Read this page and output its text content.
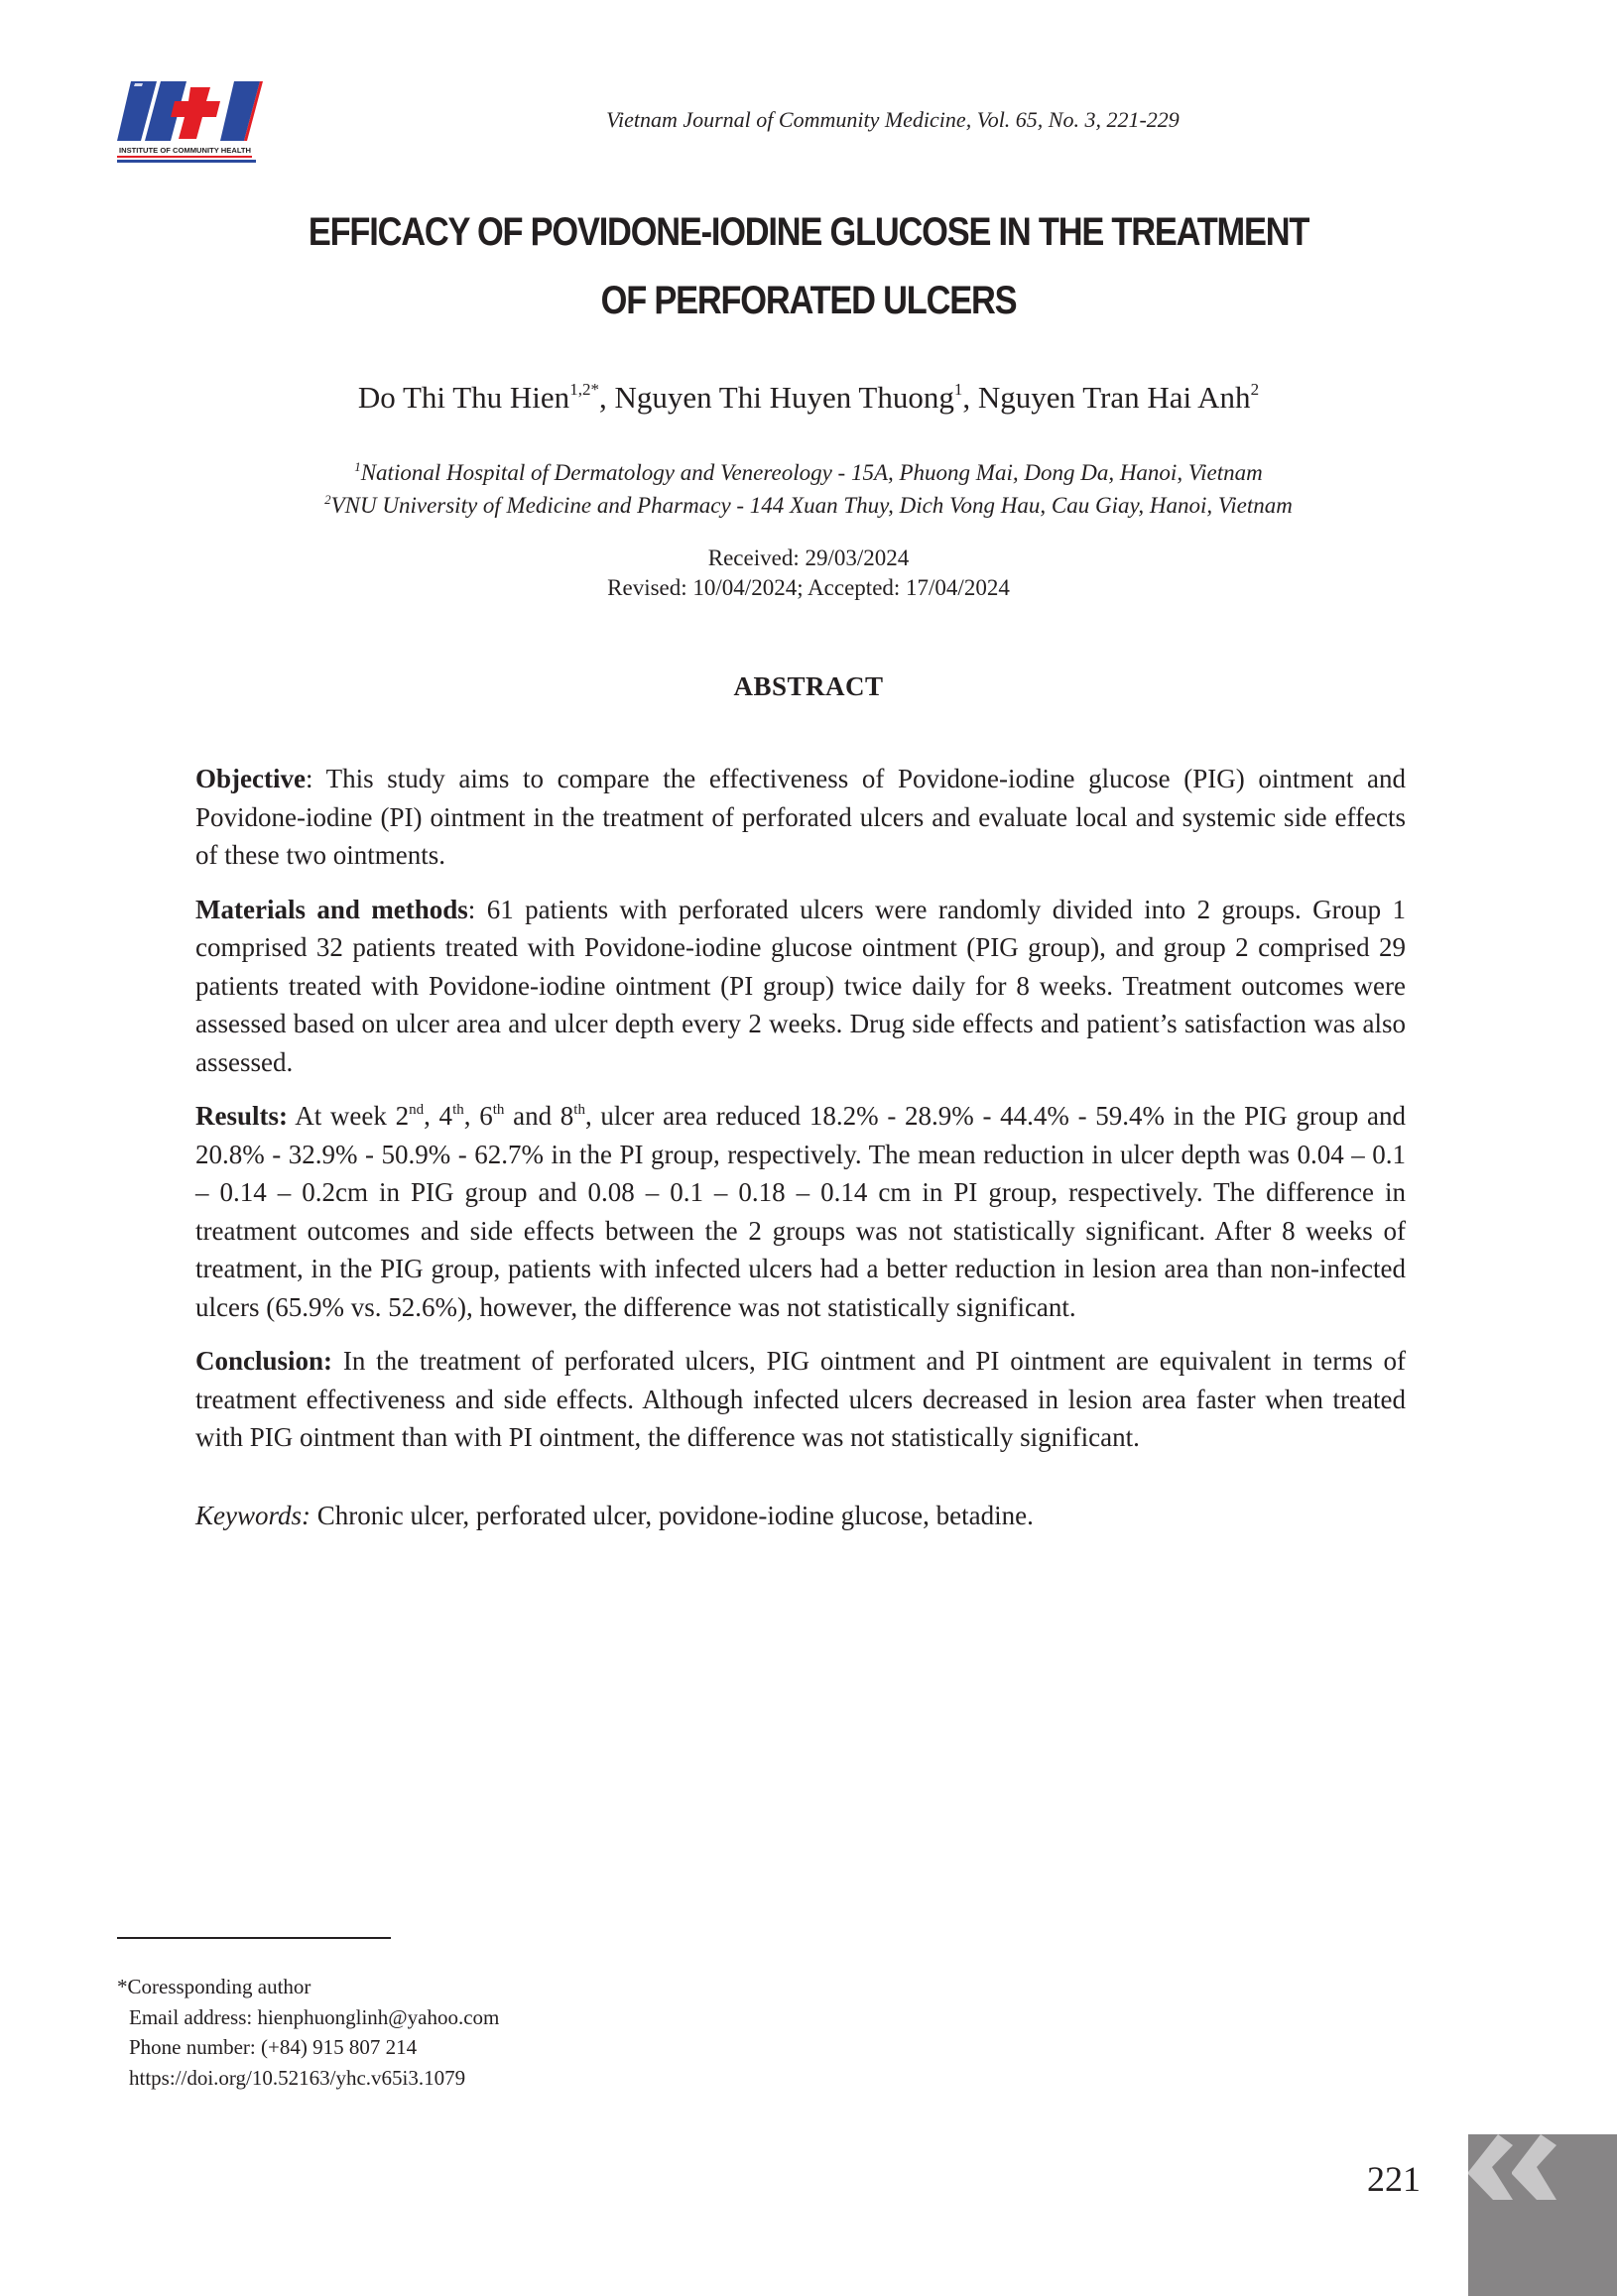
INSTITUTE OF COMMUNITY HEALTH
Vietnam Journal of Community Medicine, Vol. 65, No. 3, 221-229
EFFICACY OF POVIDONE-IODINE GLUCOSE IN THE TREATMENT
OF PERFORATED ULCERS
Do Thi Thu Hien$^{1,2*}$, Nguyen Thi Huyen Thuong$^1$, Nguyen Tran Hai Anh$^2$
$^1$National Hospital of Dermatology and Venereology - 15A, Phuong Mai, Dong Da, Hanoi, Vietnam
$^2$VNU University of Medicine and Pharmacy - 144 Xuan Thuy, Dich Vong Hau, Cau Giay, Hanoi, Vietnam
Received: 29/03/2024
Revised: 10/04/2024; Accepted: 17/04/2024
ABSTRACT

Objective: This study aims to compare the effectiveness of Povidone-iodine glucose (PIG) ointment and Povidone-iodine (PI) ointment in the treatment of perforated ulcers and evaluate local and systemic side effects of these two ointments.

Materials and methods: 61 patients with perforated ulcers were randomly divided into 2 groups. Group 1 comprised 32 patients treated with Povidone-iodine glucose ointment (PIG group), and group 2 comprised 29 patients treated with Povidone-iodine ointment (PI group) twice daily for 8 weeks. Treatment outcomes were assessed based on ulcer area and ulcer depth every 2 weeks. Drug side effects and patient’s satisfaction was also assessed.

Results: At week 2nd, 4th, 6th and 8th, ulcer area reduced 18.2% - 28.9% - 44.4% - 59.4% in the PIG group and 20.8% - 32.9% - 50.9% - 62.7% in the PI group, respectively. The mean reduction in ulcer depth was 0.04 – 0.1 – 0.14 – 0.2cm in PIG group and 0.08 – 0.1 – 0.18 – 0.14 cm in PI group, respectively. The difference in treatment outcomes and side effects between the 2 groups was not statistically significant. After 8 weeks of treatment, in the PIG group, patients with infected ulcers had a better reduction in lesion area than non-infected ulcers (65.9% vs. 52.6%), however, the difference was not statistically significant.

Conclusion: In the treatment of perforated ulcers, PIG ointment and PI ointment are equivalent in terms of treatment effectiveness and side effects. Although infected ulcers decreased in lesion area faster when treated with PIG ointment than with PI ointment, the difference was not statistically significant.

Keywords: Chronic ulcer, perforated ulcer, povidone-iodine glucose, betadine.

*Coressponding author
Email address: hienphuonglinh@yahoo.com
Phone number: (+84) 915 807 214
https://doi.org/10.52163/yhc.v65i3.1079
221
